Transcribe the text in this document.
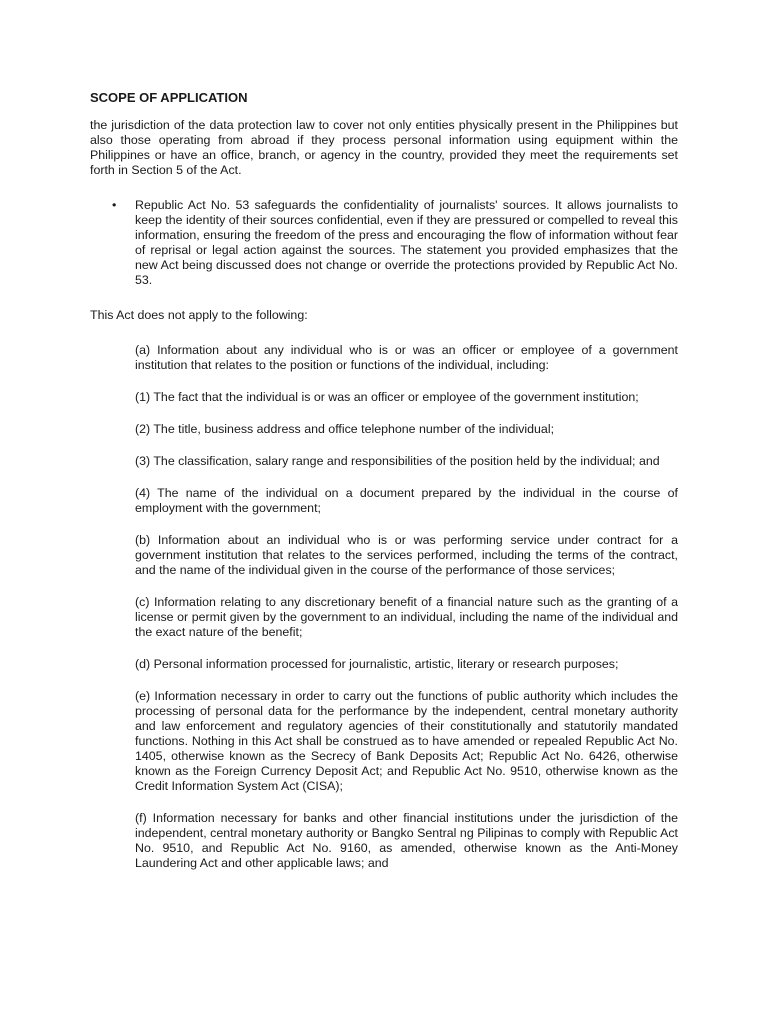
SCOPE OF APPLICATION

the jurisdiction of the data protection law to cover not only entities physically present in the Philippines but also those operating from abroad if they process personal information using equipment within the Philippines or have an office, branch, or agency in the country, provided they meet the requirements set forth in Section 5 of the Act.

•	Republic Act No. 53 safeguards the confidentiality of journalists' sources. It allows journalists to keep the identity of their sources confidential, even if they are pressured or compelled to reveal this information, ensuring the freedom of the press and encouraging the flow of information without fear of reprisal or legal action against the sources. The statement you provided emphasizes that the new Act being discussed does not change or override the protections provided by Republic Act No. 53.

This Act does not apply to the following:

(a) Information about any individual who is or was an officer or employee of a government institution that relates to the position or functions of the individual, including:

(1) The fact that the individual is or was an officer or employee of the government institution;

(2) The title, business address and office telephone number of the individual;

(3) The classification, salary range and responsibilities of the position held by the individual; and

(4) The name of the individual on a document prepared by the individual in the course of employment with the government;

(b) Information about an individual who is or was performing service under contract for a government institution that relates to the services performed, including the terms of the contract, and the name of the individual given in the course of the performance of those services;

(c) Information relating to any discretionary benefit of a financial nature such as the granting of a license or permit given by the government to an individual, including the name of the individual and the exact nature of the benefit;

(d) Personal information processed for journalistic, artistic, literary or research purposes;

(e) Information necessary in order to carry out the functions of public authority which includes the processing of personal data for the performance by the independent, central monetary authority and law enforcement and regulatory agencies of their constitutionally and statutorily mandated functions. Nothing in this Act shall be construed as to have amended or repealed Republic Act No. 1405, otherwise known as the Secrecy of Bank Deposits Act; Republic Act No. 6426, otherwise known as the Foreign Currency Deposit Act; and Republic Act No. 9510, otherwise known as the Credit Information System Act (CISA);

(f) Information necessary for banks and other financial institutions under the jurisdiction of the independent, central monetary authority or Bangko Sentral ng Pilipinas to comply with Republic Act No. 9510, and Republic Act No. 9160, as amended, otherwise known as the Anti-Money Laundering Act and other applicable laws; and
